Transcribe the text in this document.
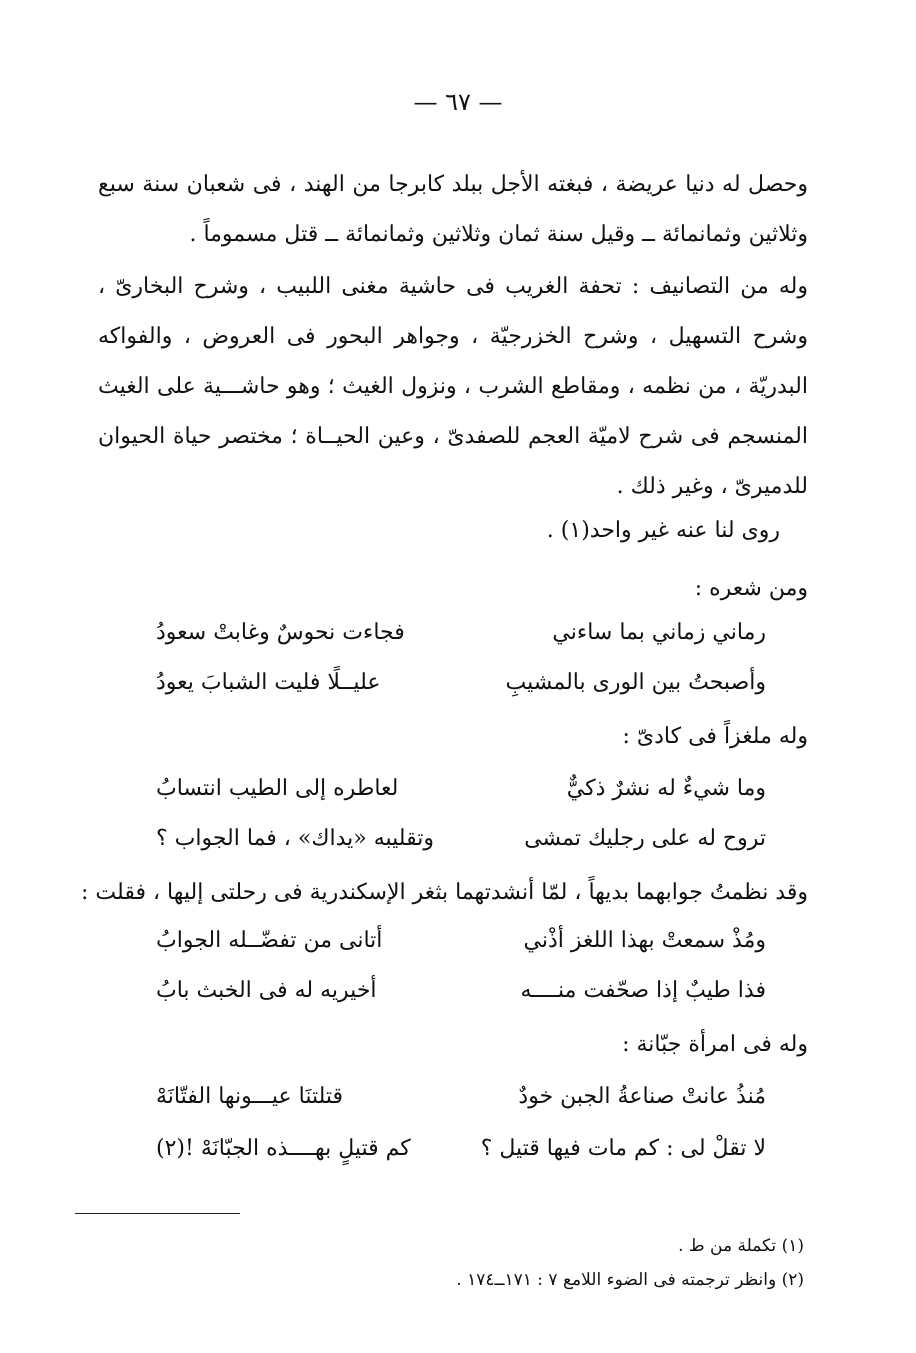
— ٦٧ —

وحصل له دنيا عريضة ، فبغته الأجل ببلد كابرجا من الهند ، فى شعبان سنة سبع وثلاثين وثمانمائة ــ وقيل سنة ثمان وثلاثين وثمانمائة ــ قتل مسموماً .

وله من التصانيف : تحفة الغريب فى حاشية مغنى اللبيب ، وشرح البخارىّ ، وشرح التسهيل ، وشرح الخزرجيّة ، وجواهر البحور فى العروض ، والفواكه البدريّة ، من نظمه ، ومقاطع الشرب ، ونزول الغيث ؛ وهو حاشـــية على الغيث المنسجم فى شرح لاميّة العجم للصفدىّ ، وعين الحيــاة ؛ مختصر حياة الحيوان للدميرىّ ، وغير ذلك .

روى لنا عنه غير واحد(١) .

ومن شعره :

رماني زماني بما ساءني
فجاءت نحوسٌ وغابتْ سعودُ
وأصبحتُ بين الورى بالمشيبِ
عليــلًا فليت الشبابَ يعودُ

وله ملغزاً فى كادىّ :

وما شيءٌ له نشرٌ ذكيٌّ
لعاطره إلى الطيب انتسابُ
تروح له على رجليك تمشى
وتقليبه «يداك» ، فما الجواب ؟

وقد نظمتُ جوابهما بديهاً ، لمّا أنشدتهما بثغر الإسكندرية فى رحلتى إليها ، فقلت :

ومُذْ سمعتْ بهذا اللغز أذْني
أتانى من تفضّــله الجوابُ
فذا طيبٌ إذا صحّفت منــــه
أخيريه له فى الخبث بابُ

وله فى امرأة جبّانة :

مُنذُ عانتْ صناعةُ الجبن خودٌ
قتلتنَا عيـــونها الفتّانَهْ
لا تقلْ لى : كم مات فيها قتيل ؟
كم قتيلٍ بهــــذه الجبّانَهْ !(٢)

(١) تكملة من ط .

(٢) وانظر ترجمته فى الضوء اللامع ٧ : ١٧١ــ١٧٤ .
